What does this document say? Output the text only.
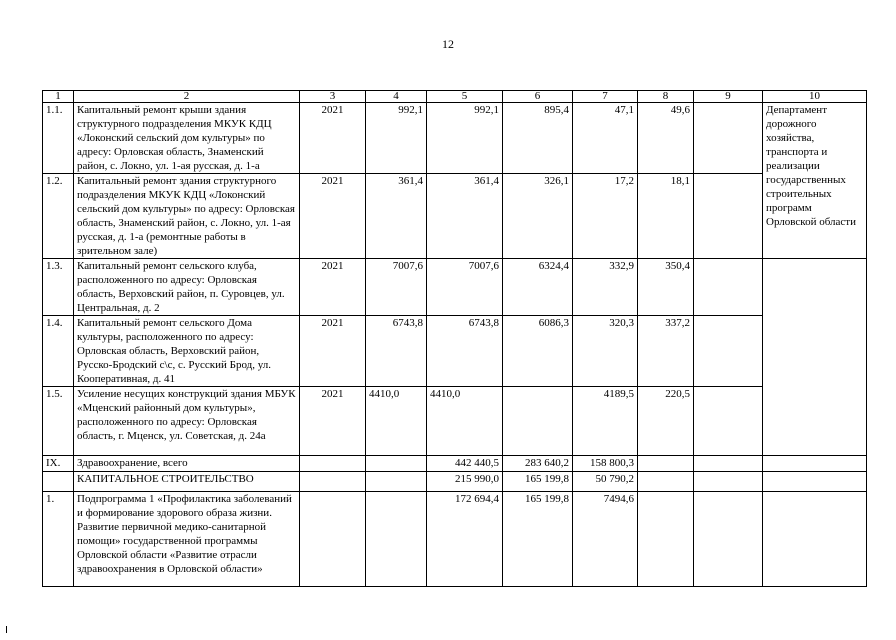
12
1	2	3	4	5	6	7	8	9	10
1.1.	Капитальный ремонт крыши здания структурного подразделения МКУК КДЦ «Локонский сельский дом культуры» по адресу: Орловская область, Знаменский район, с. Локно, ул. 1-ая русская, д. 1-а	2021	992,1	992,1	895,4	47,1	49,6		Департамент дорожного хозяйства, транспорта и реализации государственных строительных программ Орловской области
1.2.	Капитальный ремонт здания структурного подразделения МКУК КДЦ «Локонский сельский дом культуры» по адресу: Орловская область, Знаменский район, с. Локно, ул. 1-ая русская, д. 1-а (ремонтные работы в зрительном зале)	2021	361,4	361,4	326,1	17,2	18,1		
1.3.	Капитальный ремонт сельского клуба, расположенного по адресу: Орловская область, Верховский район, п. Суровцев, ул. Центральная, д. 2	2021	7007,6	7007,6	6324,4	332,9	350,4		
1.4.	Капитальный ремонт сельского Дома культуры, расположенного по адресу: Орловская область, Верховский район, Русско-Бродский с\с, с. Русский Брод, ул. Кооперативная, д. 41	2021	6743,8	6743,8	6086,3	320,3	337,2		
1.5.	Усиление несущих конструкций здания МБУК «Мценский районный дом культуры», расположенного по адресу: Орловская область, г. Мценск, ул. Советская, д. 24а	2021	4410,0	4410,0		4189,5	220,5		
IX.	Здравоохранение, всего			442 440,5	283 640,2	158 800,3			
	КАПИТАЛЬНОЕ СТРОИТЕЛЬСТВО			215 990,0	165 199,8	50 790,2			
1.	Подпрограмма 1 «Профилактика заболеваний и формирование здорового образа жизни. Развитие первичной медико-санитарной помощи» государственной программы Орловской области «Развитие отрасли здравоохранения в Орловской области»			172 694,4	165 199,8	7494,6			
